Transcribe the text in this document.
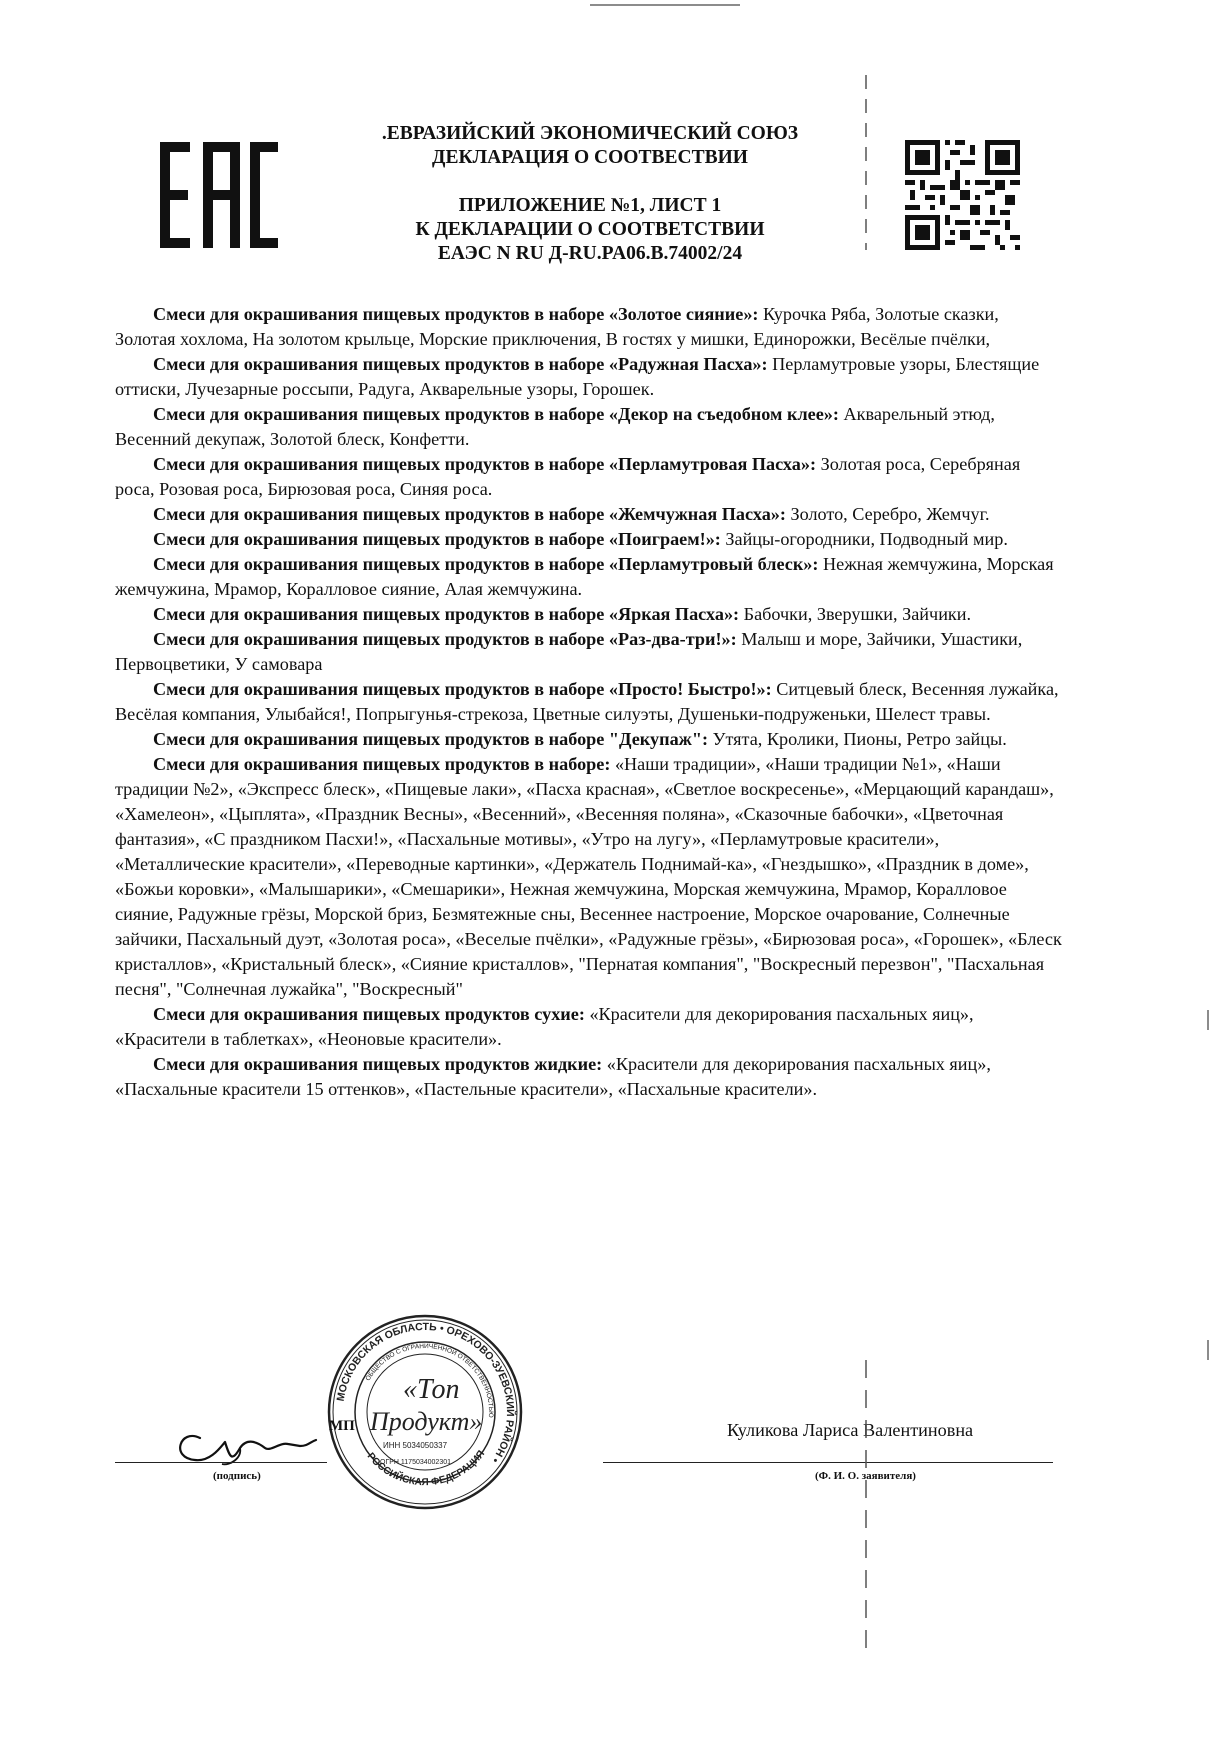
.ЕВРАЗИЙСКИЙ ЭКОНОМИЧЕСКИЙ СОЮЗ
ДЕКЛАРАЦИЯ О СООТВЕСТВИИ
ПРИЛОЖЕНИЕ №1, ЛИСТ 1
К ДЕКЛАРАЦИИ О СООТВЕТСТВИИ
ЕАЭС N RU Д-RU.PA06.B.74002/24

Смеси для окрашивания пищевых продуктов в наборе «Золотое сияние»: Курочка Ряба, Золотые сказки, Золотая хохлома, На золотом крыльце, Морские приключения, В гостях у мишки, Единорожки, Весёлые пчёлки,

Смеси для окрашивания пищевых продуктов в наборе «Радужная Пасха»: Перламутровые узоры, Блестящие оттиски, Лучезарные россыпи, Радуга, Акварельные узоры, Горошек.

Смеси для окрашивания пищевых продуктов в наборе «Декор на съедобном клее»: Акварельный этюд, Весенний декупаж, Золотой блеск, Конфетти.

Смеси для окрашивания пищевых продуктов в наборе «Перламутровая Пасха»: Золотая роса, Серебряная роса, Розовая роса, Бирюзовая роса, Синяя роса.

Смеси для окрашивания пищевых продуктов в наборе «Жемчужная Пасха»: Золото, Серебро, Жемчуг.

Смеси для окрашивания пищевых продуктов в наборе «Поиграем!»: Зайцы-огородники, Подводный мир.

Смеси для окрашивания пищевых продуктов в наборе «Перламутровый блеск»: Нежная жемчужина, Морская жемчужина, Мрамор, Коралловое сияние, Алая жемчужина.

Смеси для окрашивания пищевых продуктов в наборе «Яркая Пасха»: Бабочки, Зверушки, Зайчики.

Смеси для окрашивания пищевых продуктов в наборе «Раз-два-три!»: Малыш и море, Зайчики, Ушастики, Первоцветики, У самовара

Смеси для окрашивания пищевых продуктов в наборе «Просто! Быстро!»: Ситцевый блеск, Весенняя лужайка, Весёлая компания, Улыбайся!, Попрыгунья-стрекоза, Цветные силуэты, Душеньки-подруженьки, Шелест травы.

Смеси для окрашивания пищевых продуктов в наборе "Декупаж": Утята, Кролики, Пионы, Ретро зайцы.

Смеси для окрашивания пищевых продуктов в наборе: «Наши традиции», «Наши традиции №1», «Наши традиции №2», «Экспресс блеск», «Пищевые лаки», «Пасха красная», «Светлое воскресенье», «Мерцающий карандаш», «Хамелеон», «Цыплята», «Праздник Весны», «Весенний», «Весенняя поляна», «Сказочные бабочки», «Цветочная фантазия», «С праздником Пасхи!», «Пасхальные мотивы», «Утро на лугу», «Перламутровые красители», «Металлические красители», «Переводные картинки», «Держатель Поднимай-ка», «Гнездышко», «Праздник в доме», «Божьи коровки», «Малышарики», «Смешарики», Нежная жемчужина, Морская жемчужина, Мрамор, Коралловое сияние, Радужные грёзы, Морской бриз, Безмятежные сны, Весеннее настроение, Морское очарование, Солнечные зайчики, Пасхальный дуэт, «Золотая роса», «Веселые пчёлки», «Радужные грёзы», «Бирюзовая роса», «Горошек», «Блеск кристаллов», «Кристальный блеск», «Сияние кристаллов», "Пернатая компания", "Воскресный перезвон", "Пасхальная песня", "Солнечная лужайка", "Воскресный"

Смеси для окрашивания пищевых продуктов сухие: «Красители для декорирования пасхальных яиц», «Красители в таблетках», «Неоновые красители».

Смеси для окрашивания пищевых продуктов жидкие: «Красители для декорирования пасхальных яиц», «Пасхальные красители 15 оттенков», «Пастельные красители», «Пасхальные красители».

МОСКОВСКАЯ ОБЛАСТЬ • ОРЕХОВО-ЗУЕВСКИЙ РАЙОН •
ОБЩЕСТВО С ОГРАНИЧЕННОЙ ОТВЕТСТВЕННОСТЬЮ
РОССИЙСКАЯ ФЕДЕРАЦИЯ
«Топ
Продукт»
ИНН 5034050337
ОГРН 1175034002301
МП	Куликова Лариса Валентиновна
(подпись)	(Ф. И. О. заявителя)
